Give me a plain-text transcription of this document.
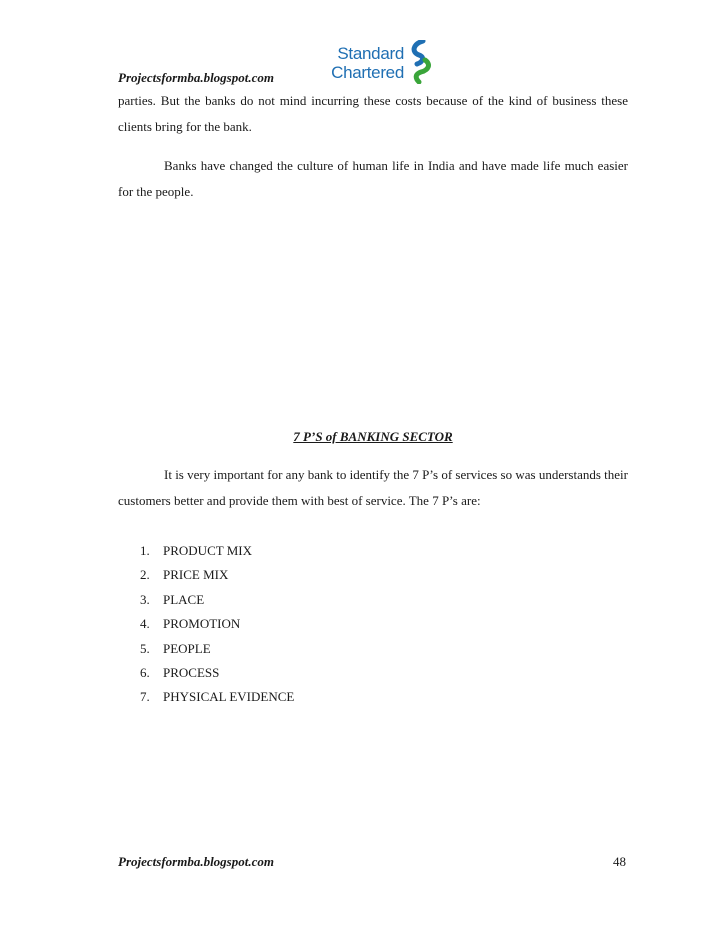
Projectsformba.blogspot.com

Standard
Chartered

parties. But the banks do not mind incurring these costs because of the kind of business these clients bring for the bank.

Banks have changed the culture of human life in India and have made life much easier for the people.

7 P’S of BANKING SECTOR

It is very important for any bank to identify the 7 P’s of services so was understands their customers better and provide them with best of service. The 7 P’s are:

1. PRODUCT MIX
2. PRICE MIX
3. PLACE
4. PROMOTION
5. PEOPLE
6. PROCESS
7. PHYSICAL EVIDENCE

Projectsformba.blogspot.com	48
